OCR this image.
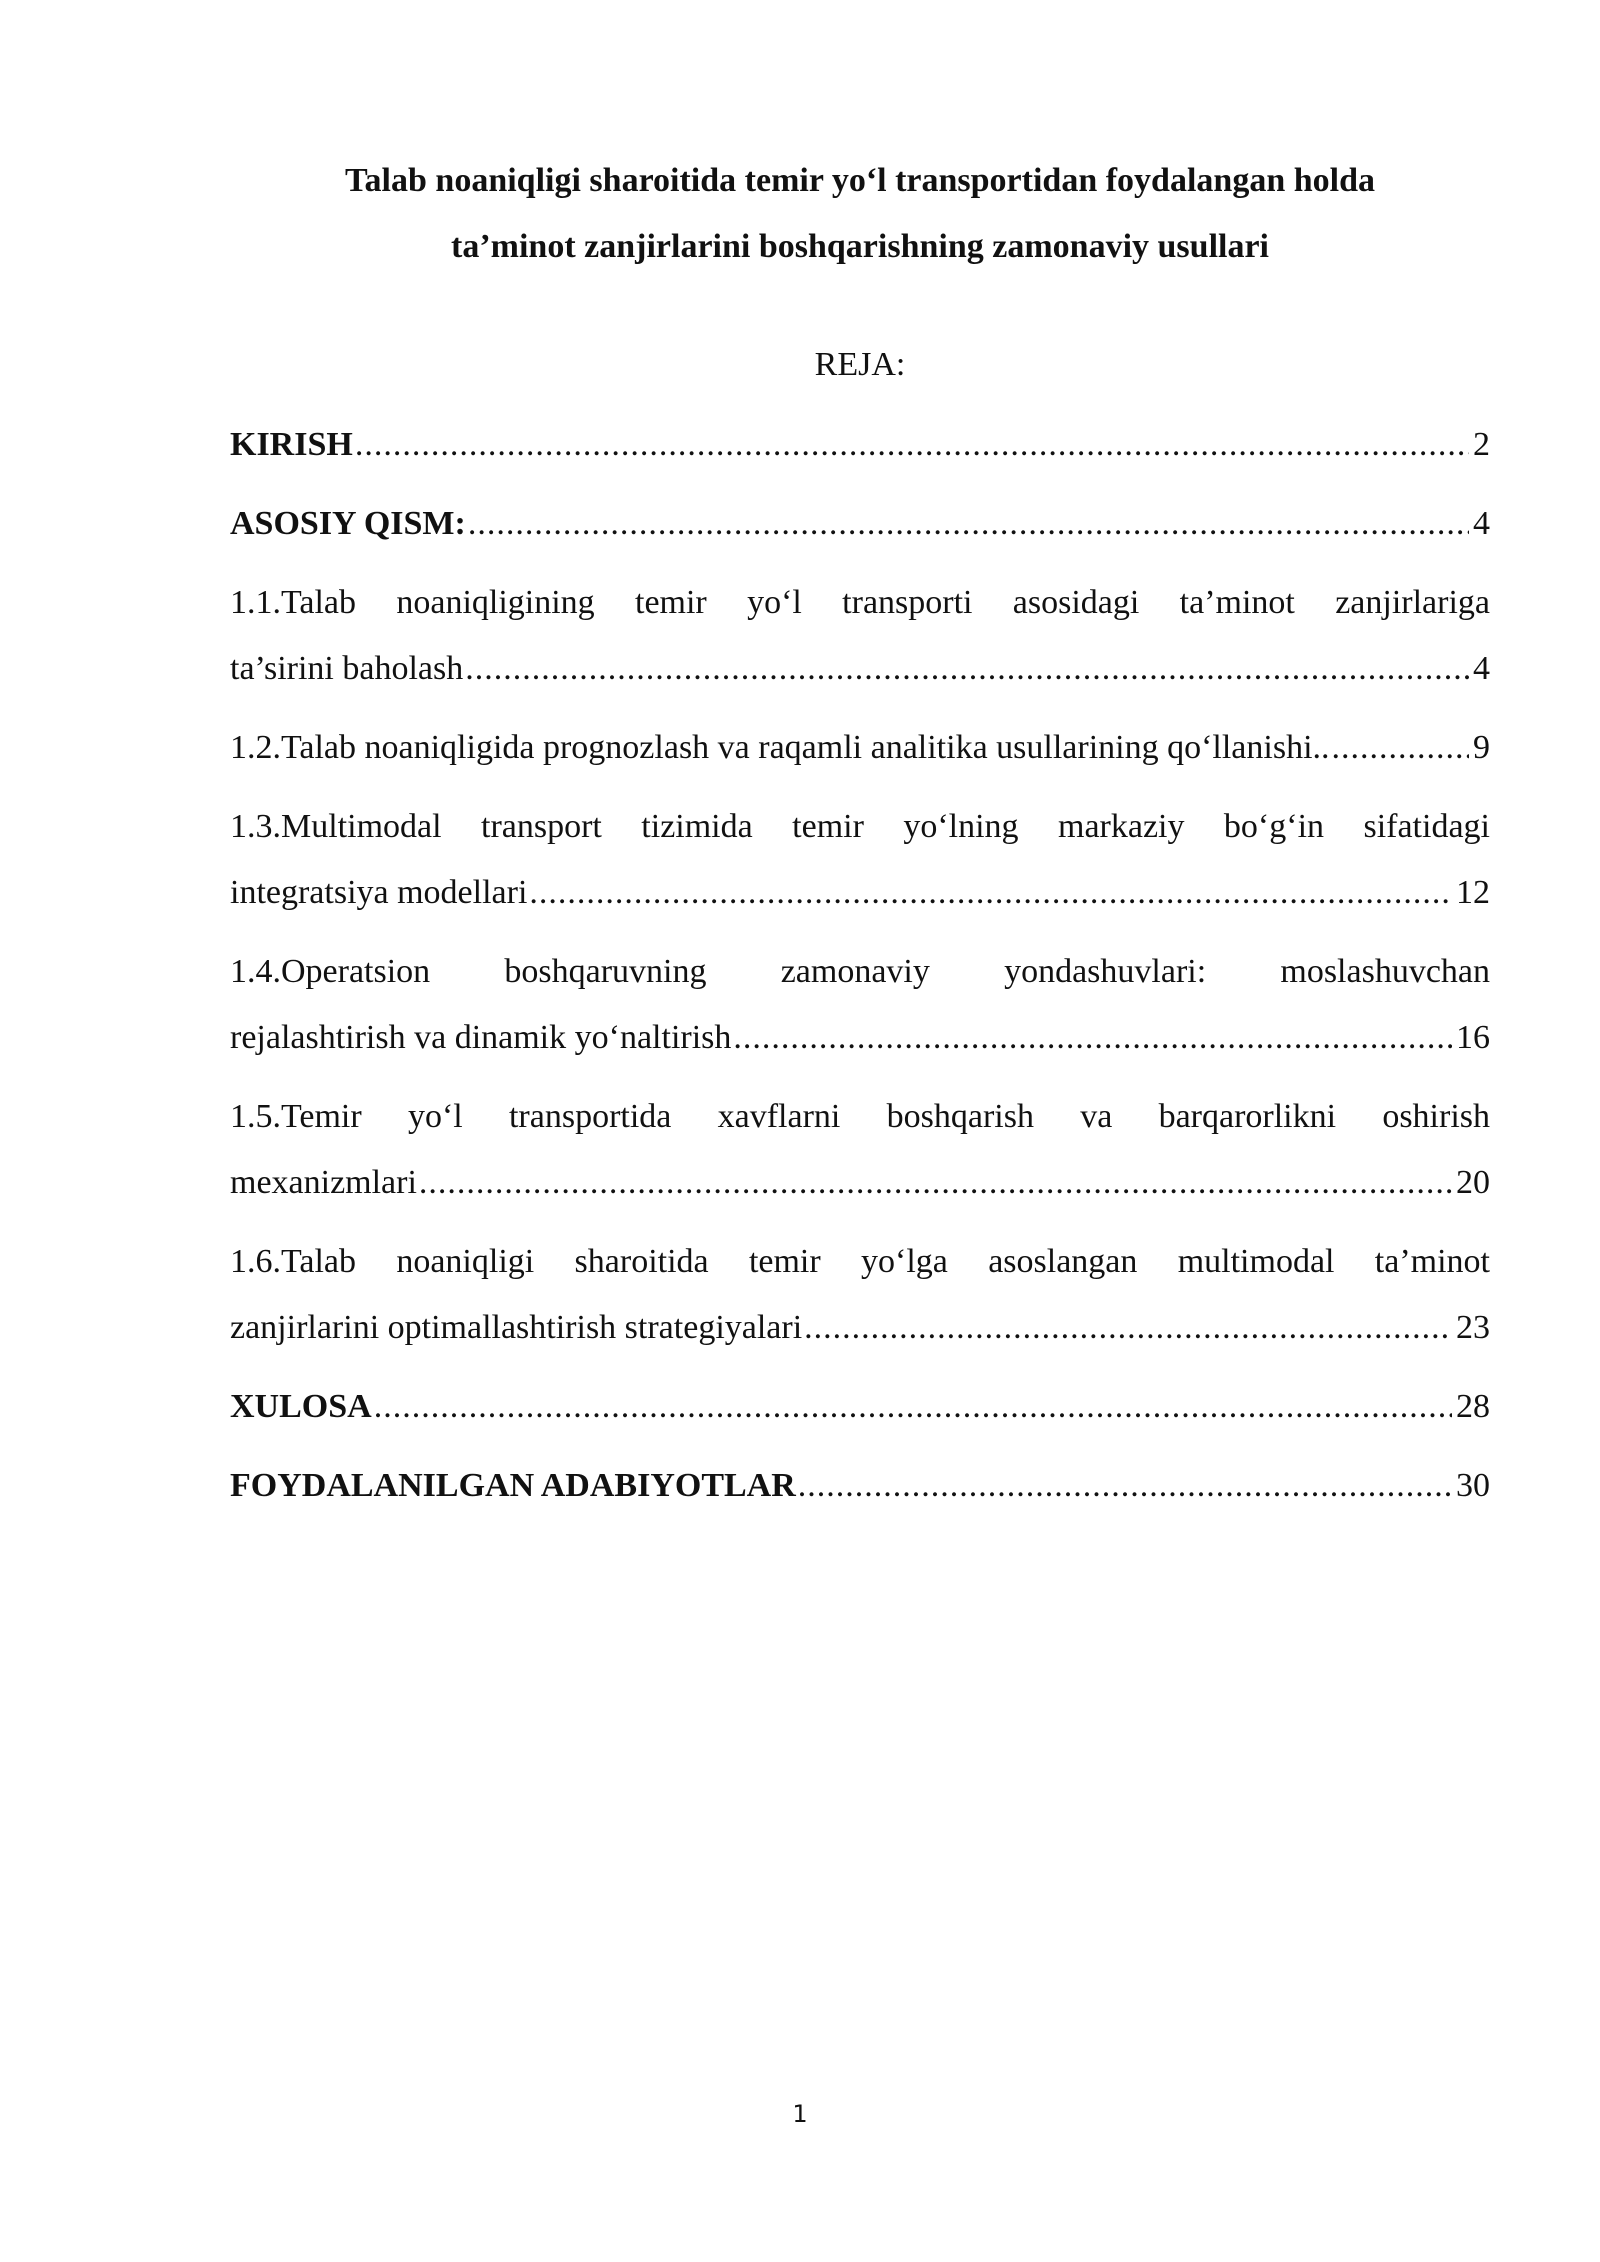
Talab noaniqligi sharoitida temir yo‘l transportidan foydalangan holda
ta’minot zanjirlarini boshqarishning zamonaviy usullari
REJA:
KIRISH .....	2
ASOSIY QISM: .....	4
1.1.Talab noaniqligining temir yo‘l transporti asosidagi ta’minot zanjirlariga
ta’sirini baholash .....	4
1.2.Talab noaniqligida prognozlash va raqamli analitika usullarining qo‘llanishi.. .....	9
1.3.Multimodal transport tizimida temir yo‘lning markaziy bo‘g‘in sifatidagi
integratsiya modellari .....	12
1.4.Operatsion boshqaruvning zamonaviy yondashuvlari: moslashuvchan
rejalashtirish va dinamik yo‘naltirish .....	16
1.5.Temir yo‘l transportida xavflarni boshqarish va barqarorlikni oshirish
mexanizmlari .....	20
1.6.Talab noaniqligi sharoitida temir yo‘lga asoslangan multimodal ta’minot
zanjirlarini optimallashtirish strategiyalari .....	23
XULOSA .....	28
FOYDALANILGAN ADABIYOTLAR .....	30
1
